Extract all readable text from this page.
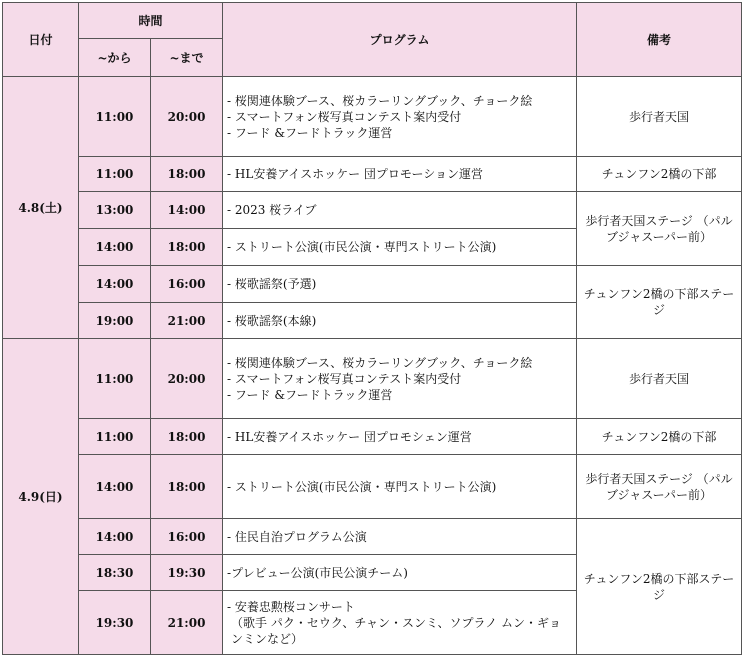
日付	時間		プログラム	備考
	~から	~まで		
4.8(土)	11:00	20:00	- 桜関連体験ブース、桜カラーリングブック、チョーク絵
- スマートフォン桜写真コンテスト案内受付
- フード &フードトラック運営	歩行者天国
	11:00	18:00	- HL安養アイスホッケー 団プロモーション運営	チュンフン2橋の下部
	13:00	14:00	- 2023 桜ライブ	歩行者天国ステージ （パルブジャスーパー前）
	14:00	18:00	- ストリート公演(市民公演・専門ストリート公演)	

	14:00	16:00	- 桜歌謡祭(予選)	チュンフン2橋の下部ステージ
	19:00	21:00	- 桜歌謡祭(本線)	

4.9(日)	11:00	20:00	- 桜関連体験ブース、桜カラーリングブック、チョーク絵
- スマートフォン桜写真コンテスト案内受付
- フード &フードトラック運営	歩行者天国
	11:00	18:00	- HL安養アイスホッケー 団プロモシェン運営	チュンフン2橋の下部
	14:00	18:00	- ストリート公演(市民公演・専門ストリート公演)	歩行者天国ステージ （パルブジャスーパー前）
	14:00	16:00	- 住民自治プログラム公演	チュンフン2橋の下部ステージ
	18:30	19:30	-プレビュー公演(市民公演チーム)	

	19:30	21:00	- 安養忠勲桜コンサート
（歌手 パク・セウク、チャン・スンミ、ソプラノ ムン・ギョンミンなど）	
